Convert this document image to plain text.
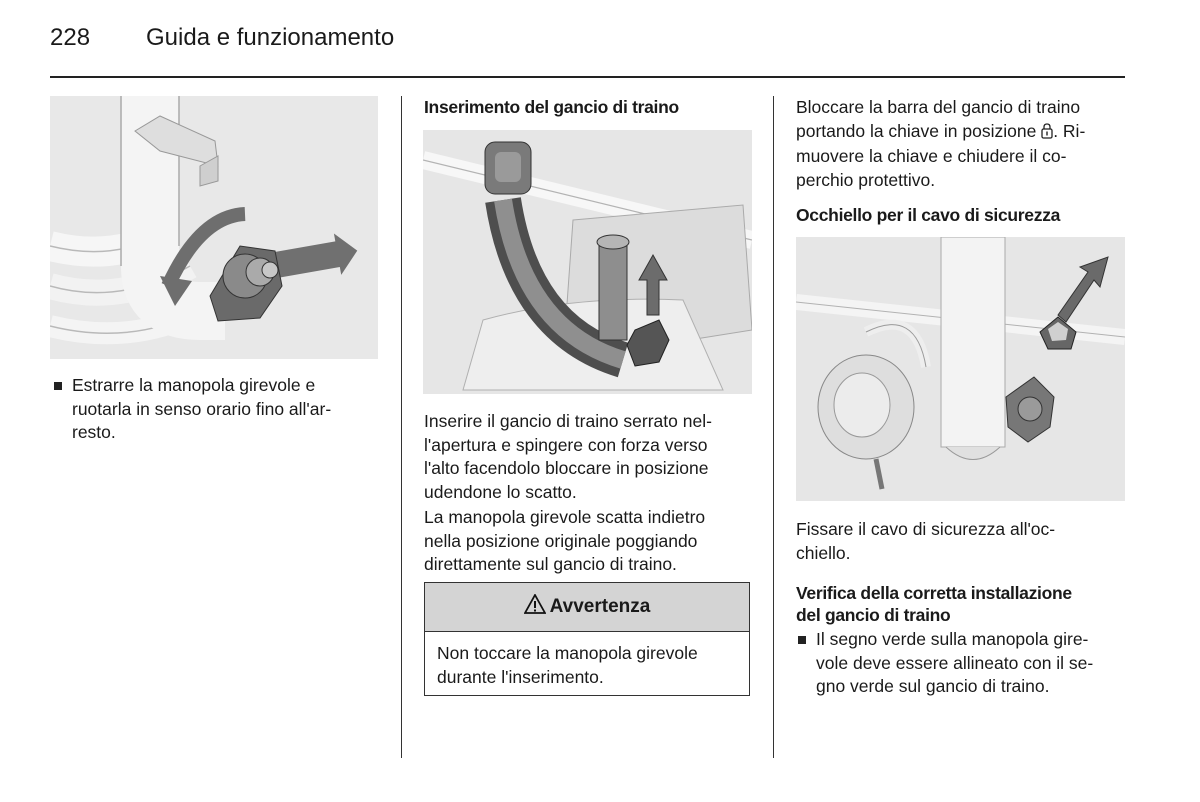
228 Guida e funzionamento
Estrarre la manopola girevole e
ruotarla in senso orario fino all'ar-
resto.
Inserimento del gancio di traino
Inserire il gancio di traino serrato nel-
l'apertura e spingere con forza verso
l'alto facendolo bloccare in posizione
udendone lo scatto.
La manopola girevole scatta indietro
nella posizione originale poggiando
direttamente sul gancio di traino.
Avvertenza
Non toccare la manopola girevole
durante l'inserimento.
Bloccare la barra del gancio di traino
portando la chiave in posizione . Ri-
muovere la chiave e chiudere il co-
perchio protettivo.
Occhiello per il cavo di sicurezza
Fissare il cavo di sicurezza all'oc-
chiello.
Verifica della corretta installazione
del gancio di traino
Il segno verde sulla manopola gire-
vole deve essere allineato con il se-
gno verde sul gancio di traino.
